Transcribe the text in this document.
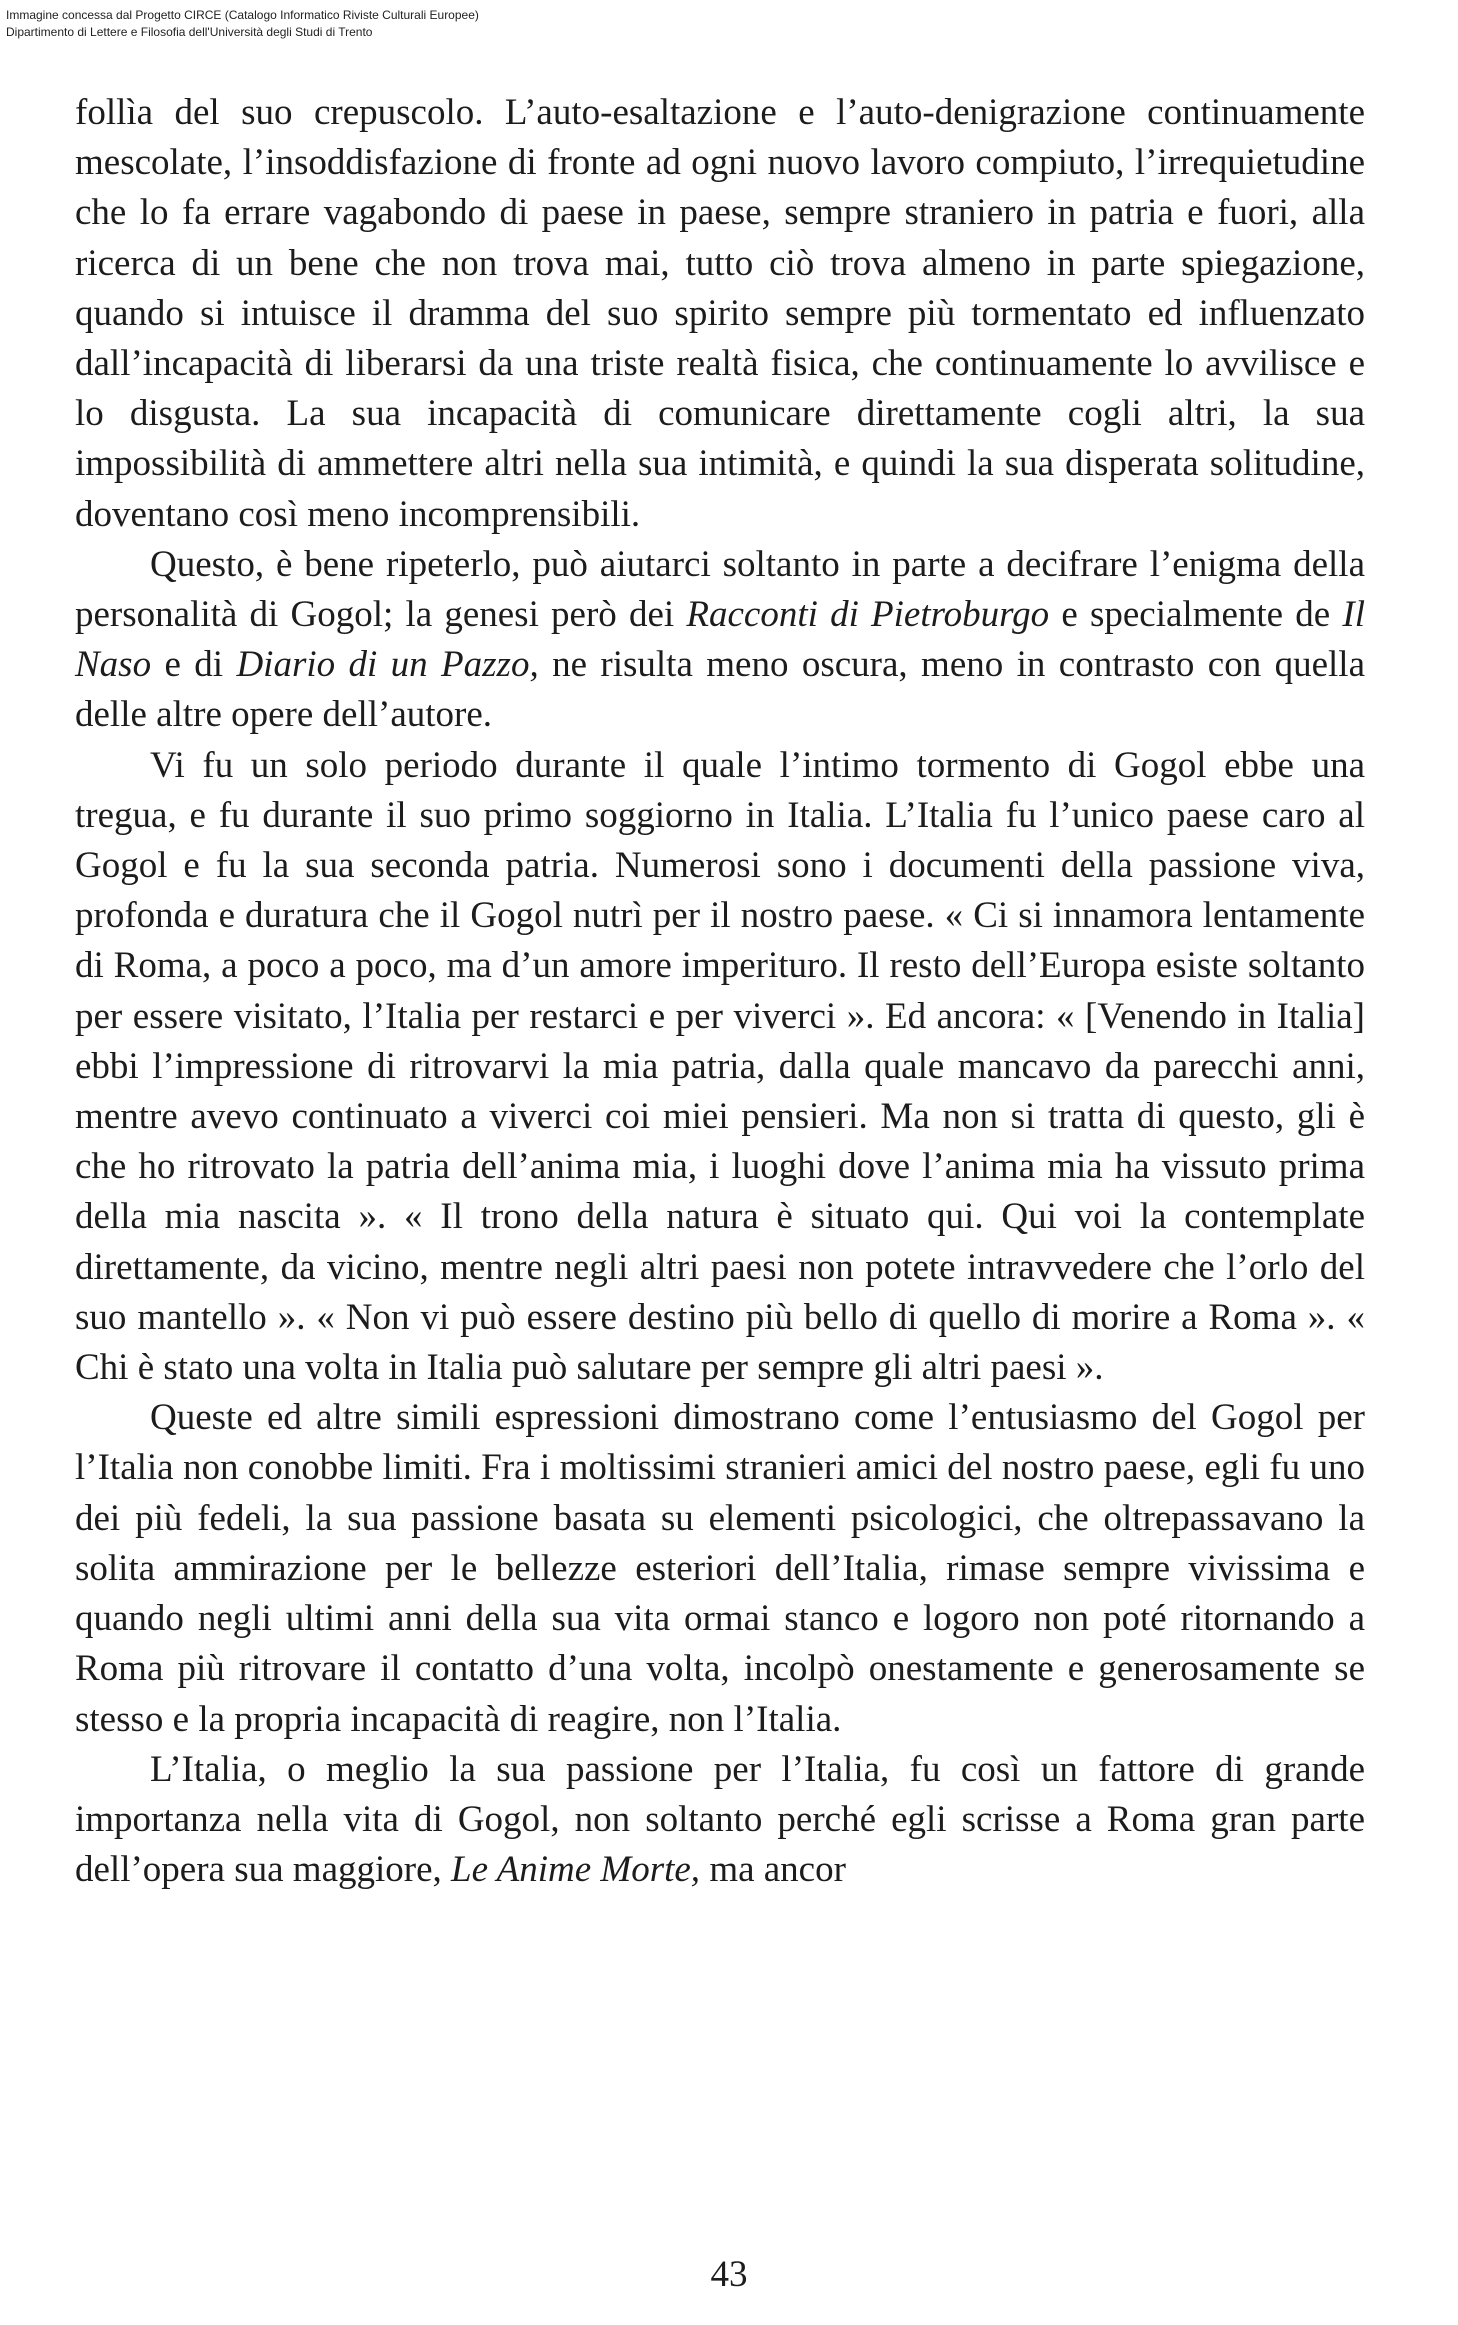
Immagine concessa dal Progetto CIRCE (Catalogo Informatico Riviste Culturali Europee)
Dipartimento di Lettere e Filosofia dell'Università degli Studi di Trento

follìa del suo crepuscolo. L’auto-esaltazione e l’auto-denigrazione continuamente mescolate, l’insoddisfazione di fronte ad ogni nuovo lavoro compiuto, l’irrequietudine che lo fa errare vagabondo di paese in paese, sempre straniero in patria e fuori, alla ricerca di un bene che non trova mai, tutto ciò trova almeno in parte spiegazione, quando si intuisce il dramma del suo spirito sempre più tormentato ed influenzato dall’incapacità di liberarsi da una triste realtà fisica, che continuamente lo avvilisce e lo disgusta. La sua incapacità di comunicare direttamente cogli altri, la sua impossibilità di ammettere altri nella sua intimità, e quindi la sua disperata solitudine, doventano così meno incomprensibili.

Questo, è bene ripeterlo, può aiutarci soltanto in parte a decifrare l’enigma della personalità di Gogol; la genesi però dei Racconti di Pietroburgo e specialmente de Il Naso e di Diario di un Pazzo, ne risulta meno oscura, meno in contrasto con quella delle altre opere dell’autore.

Vi fu un solo periodo durante il quale l’intimo tormento di Gogol ebbe una tregua, e fu durante il suo primo soggiorno in Italia. L’Italia fu l’unico paese caro al Gogol e fu la sua seconda patria. Numerosi sono i documenti della passione viva, profonda e duratura che il Gogol nutrì per il nostro paese. « Ci si innamora lentamente di Roma, a poco a poco, ma d’un amore imperituro. Il resto dell’Europa esiste soltanto per essere visitato, l’Italia per restarci e per viverci ». Ed ancora: « [Venendo in Italia] ebbi l’impressione di ritrovarvi la mia patria, dalla quale mancavo da parecchi anni, mentre avevo continuato a viverci coi miei pensieri. Ma non si tratta di questo, gli è che ho ritrovato la patria dell’anima mia, i luoghi dove l’anima mia ha vissuto prima della mia nascita ». « Il trono della natura è situato qui. Qui voi la contemplate direttamente, da vicino, mentre negli altri paesi non potete intravvedere che l’orlo del suo mantello ». « Non vi può essere destino più bello di quello di morire a Roma ». « Chi è stato una volta in Italia può salutare per sempre gli altri paesi ».

Queste ed altre simili espressioni dimostrano come l’entusiasmo del Gogol per l’Italia non conobbe limiti. Fra i moltissimi stranieri amici del nostro paese, egli fu uno dei più fedeli, la sua passione basata su elementi psicologici, che oltrepassavano la solita ammirazione per le bellezze esteriori dell’Italia, rimase sempre vivissima e quando negli ultimi anni della sua vita ormai stanco e logoro non poté ritornando a Roma più ritrovare il contatto d’una volta, incolpò onestamente e generosamente se stesso e la propria incapacità di reagire, non l’Italia.

L’Italia, o meglio la sua passione per l’Italia, fu così un fattore di grande importanza nella vita di Gogol, non soltanto perché egli scrisse a Roma gran parte dell’opera sua maggiore, Le Anime Morte, ma ancor

43
